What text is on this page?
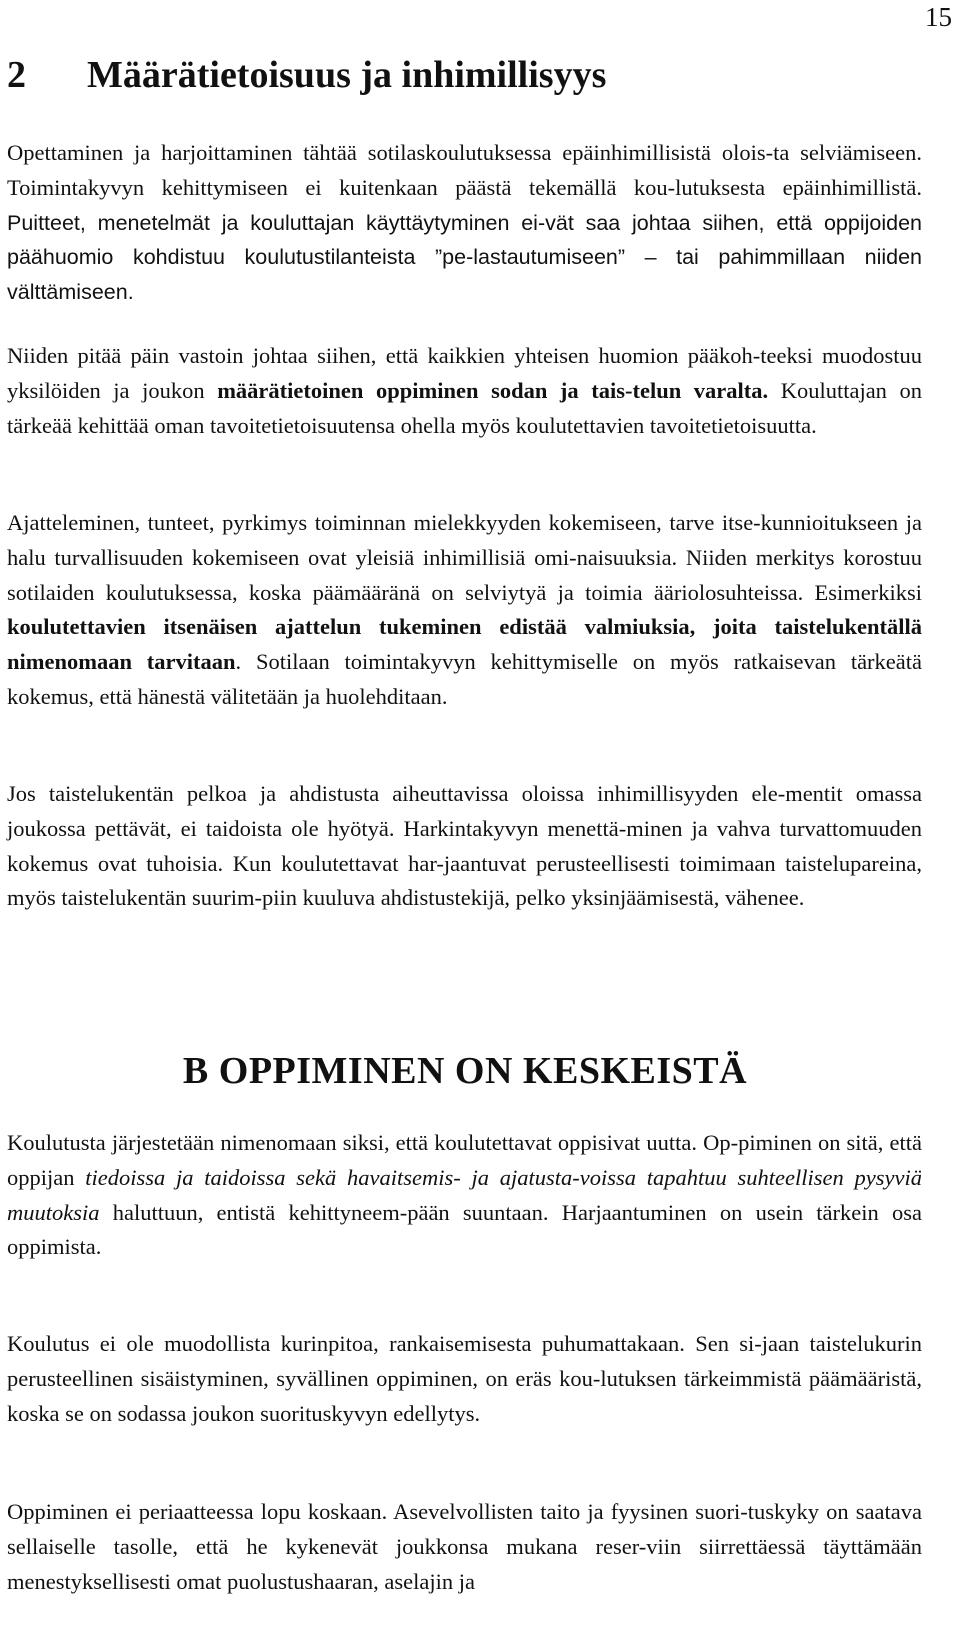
15
2 Määrätietoisuus ja inhimillisyys

Opettaminen ja harjoittaminen tähtää sotilaskoulutuksessa epäinhimillisistä olois-ta selviämiseen. Toimintakyvyn kehittymiseen ei kuitenkaan päästä tekemällä kou-lutuksesta epäinhimillistä. Puitteet, menetelmät ja kouluttajan käyttäytyminen ei-vät saa johtaa siihen, että oppijoiden päähuomio kohdistuu koulutustilanteista ”pe-lastautumiseen” – tai pahimmillaan niiden välttämiseen.

Niiden pitää päin vastoin johtaa siihen, että kaikkien yhteisen huomion pääkoh-teeksi muodostuu yksilöiden ja joukon määrätietoinen oppiminen sodan ja tais-telun varalta. Kouluttajan on tärkeää kehittää oman tavoitetietoisuutensa ohella myös koulutettavien tavoitetietoisuutta.

Ajatteleminen, tunteet, pyrkimys toiminnan mielekkyyden kokemiseen, tarve itse-kunnioitukseen ja halu turvallisuuden kokemiseen ovat yleisiä inhimillisiä omi-naisuuksia. Niiden merkitys korostuu sotilaiden koulutuksessa, koska päämääränä on selviytyä ja toimia ääriolosuhteissa. Esimerkiksi koulutettavien itsenäisen ajattelun tukeminen edistää valmiuksia, joita taistelukentällä nimenomaan tarvitaan. Sotilaan toimintakyvyn kehittymiselle on myös ratkaisevan tärkeätä kokemus, että hänestä välitetään ja huolehditaan.

Jos taistelukentän pelkoa ja ahdistusta aiheuttavissa oloissa inhimillisyyden ele-mentit omassa joukossa pettävät, ei taidoista ole hyötyä. Harkintakyvyn menettä-minen ja vahva turvattomuuden kokemus ovat tuhoisia. Kun koulutettavat har-jaantuvat perusteellisesti toimimaan taistelupareina, myös taistelukentän suurim-piin kuuluva ahdistustekijä, pelko yksinjäämisestä, vähenee.

B OPPIMINEN ON KESKEISTÄ

Koulutusta järjestetään nimenomaan siksi, että koulutettavat oppisivat uutta. Op-piminen on sitä, että oppijan tiedoissa ja taidoissa sekä havaitsemis- ja ajatusta-voissa tapahtuu suhteellisen pysyviä muutoksia haluttuun, entistä kehittyneem-pään suuntaan. Harjaantuminen on usein tärkein osa oppimista.

Koulutus ei ole muodollista kurinpitoa, rankaisemisesta puhumattakaan. Sen si-jaan taistelukurin perusteellinen sisäistyminen, syvällinen oppiminen, on eräs kou-lutuksen tärkeimmistä päämääristä, koska se on sodassa joukon suorituskyvyn edellytys.

Oppiminen ei periaatteessa lopu koskaan. Asevelvollisten taito ja fyysinen suori-tuskyky on saatava sellaiselle tasolle, että he kykenevät joukkonsa mukana reser-viin siirrettäessä täyttämään menestyksellisesti omat puolustushaaran, aselajin ja
